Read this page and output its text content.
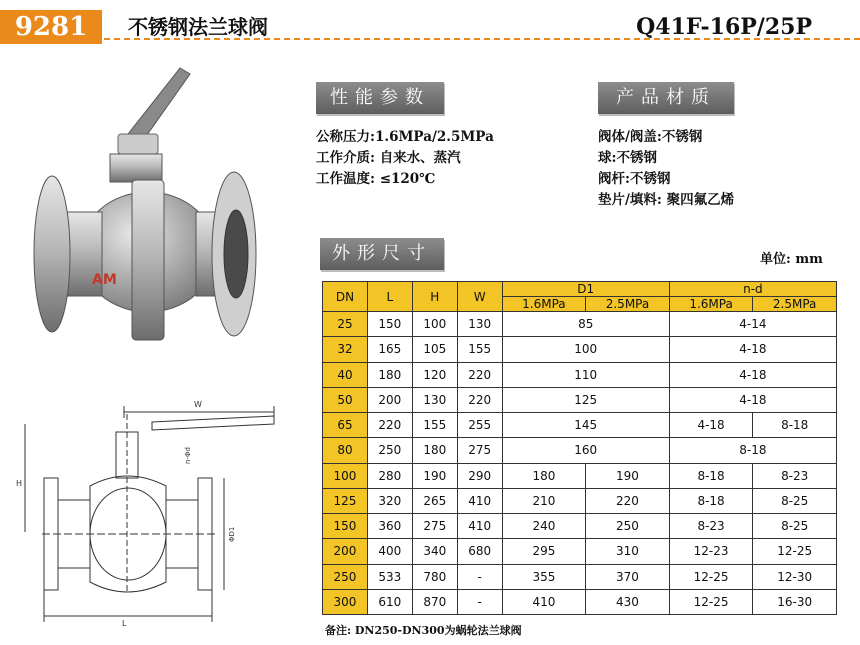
9281	不锈钢法兰球阀	Q41F-16P/25P
性能参数	产品材质
外形尺寸
公称压力:1.6MPa/2.5MPa
工作介质: 自来水、蒸汽
工作温度: ≤120℃
阀体/阀盖:不锈钢
球:不锈钢
阀杆:不锈钢
垫片/填料: 聚四氟乙烯
单位: mm
AM
W
H
n-Φd
ΦD1
L
DN	L	H	W	D1		n-d	
				1.6MPa	2.5MPa	1.6MPa	2.5MPa
25	150	100	130	85		4-14	
32	165	105	155	100		4-18	
40	180	120	220	110		4-18	
50	200	130	220	125		4-18	
65	220	155	255	145		4-18	8-18
80	250	180	275	160		8-18	
100	280	190	290	180	190	8-18	8-23
125	320	265	410	210	220	8-18	8-25
150	360	275	410	240	250	8-23	8-25
200	400	340	680	295	310	12-23	12-25
250	533	780	-	355	370	12-25	12-30
300	610	870	-	410	430	12-25	16-30
备注: DN250-DN300为蜗轮法兰球阀
